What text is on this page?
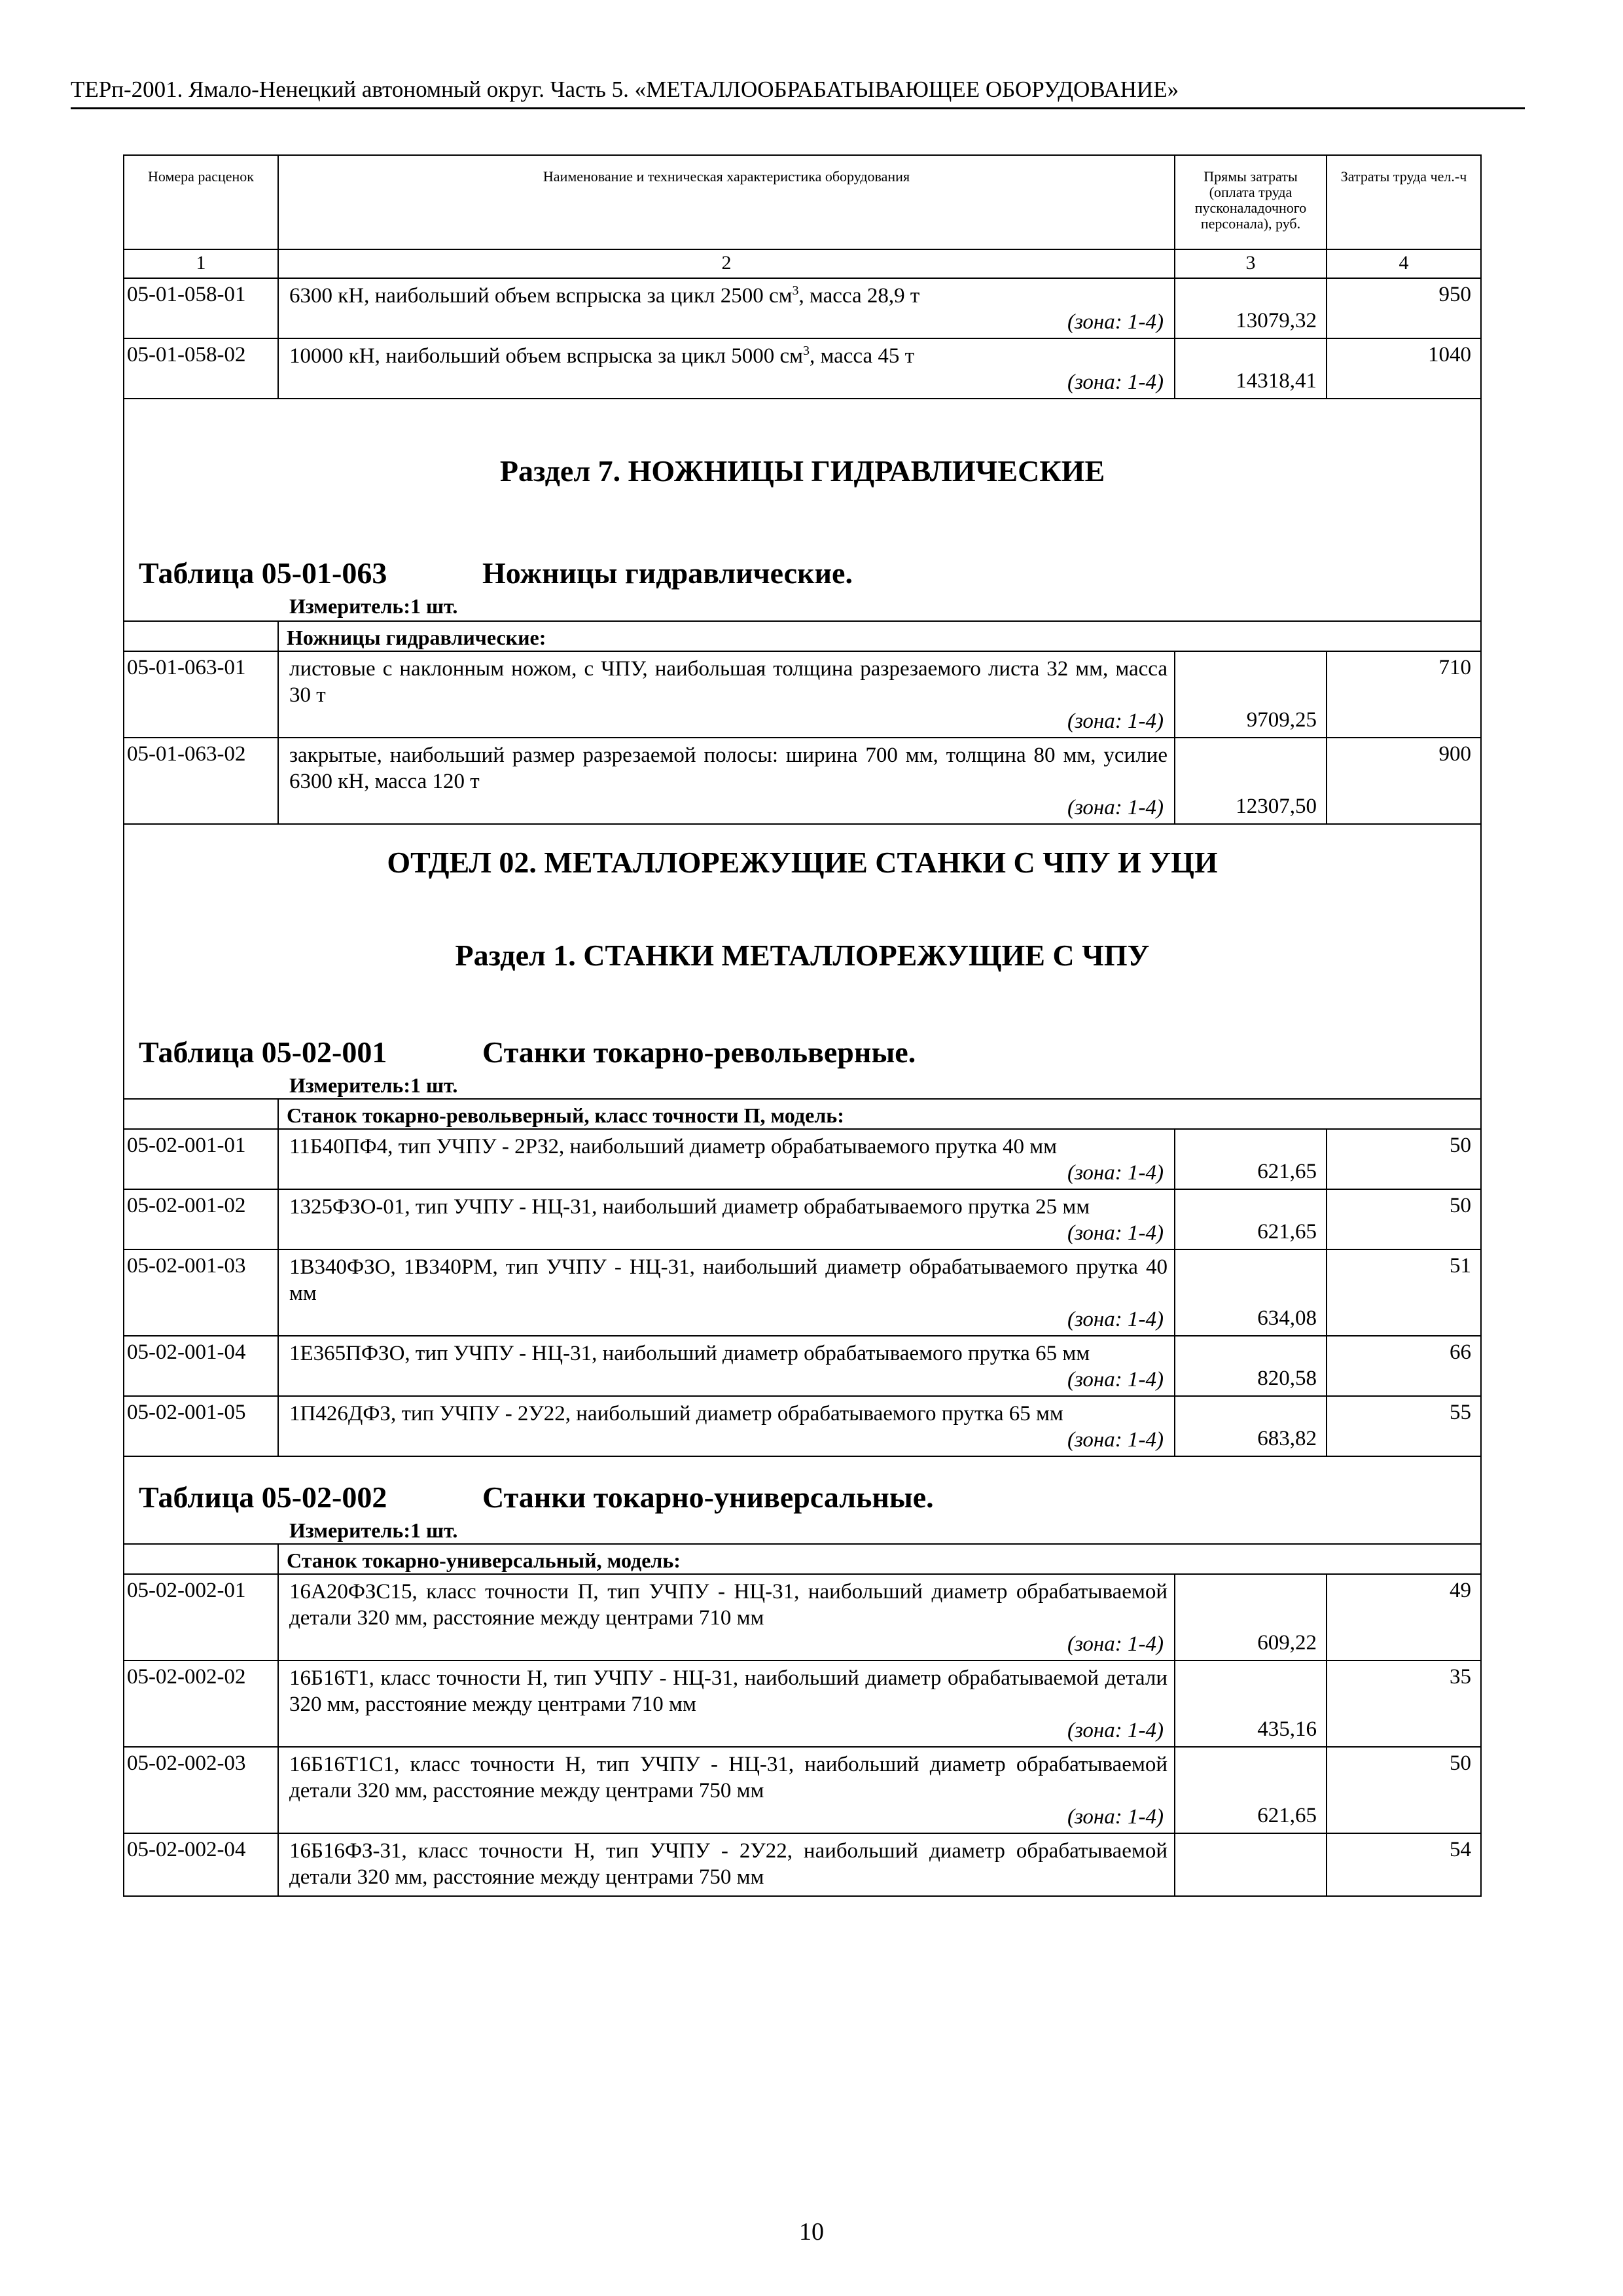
ТЕРп-2001. Ямало-Ненецкий автономный округ. Часть 5. «МЕТАЛЛООБРАБАТЫВАЮЩЕЕ ОБОРУДОВАНИЕ»
Номера расценок	Наименование и техническая характеристика оборудования	Прямы затраты (оплата труда пусконаладочного персонала), руб.	Затраты труда чел.-ч
1	2	3	4
05-01-058-01	6300 кН, наибольший объем вспрыска за цикл 2500 $см^3$, масса 28,9 т
(зона: 1-4)	13079,32	950
05-01-058-02	10000 кН, наибольший объем вспрыска за цикл 5000 $см^3$, масса 45 т
(зона: 1-4)	14318,41	1040

Раздел 7. НОЖНИЦЫ ГИДРАВЛИЧЕСКИЕ
Таблица 05-01-063 Ножницы гидравлические.
Измеритель:1 шт.			

	Ножницы гидравлические:		
05-01-063-01	листовые с наклонным ножом, с ЧПУ, наибольшая толщина разрезаемого листа 32 мм, масса 30 т
(зона: 1-4)	9709,25	710
05-01-063-02	закрытые, наибольший размер разрезаемой полосы: ширина 700 мм, толщина 80 мм, усилие 6300 кН, масса 120 т
(зона: 1-4)	12307,50	900

ОТДЕЛ 02. МЕТАЛЛОРЕЖУЩИЕ СТАНКИ С ЧПУ И УЦИ
Раздел 1. СТАНКИ МЕТАЛЛОРЕЖУЩИЕ С ЧПУ
Таблица 05-02-001 Станки токарно-револьверные.
Измеритель:1 шт.			

	Станок токарно-револьверный, класс точности П, модель:		
05-02-001-01	11Б40ПФ4, тип УЧПУ - 2Р32, наибольший диаметр обрабатываемого прутка 40 мм
(зона: 1-4)	621,65	50
05-02-001-02	1325ФЗО-01, тип УЧПУ - НЦ-31, наибольший диаметр обрабатываемого прутка 25 мм
(зона: 1-4)	621,65	50
05-02-001-03	1В340ФЗО, 1В340РМ, тип УЧПУ - НЦ-31, наибольший диаметр обрабатываемого прутка 40 мм
(зона: 1-4)	634,08	51
05-02-001-04	1Е365ПФЗО, тип УЧПУ - НЦ-31, наибольший диаметр обрабатываемого прутка 65 мм
(зона: 1-4)	820,58	66
05-02-001-05	1П426ДФЗ, тип УЧПУ - 2У22, наибольший диаметр обрабатываемого прутка 65 мм
(зона: 1-4)	683,82	55

Таблица 05-02-002 Станки токарно-универсальные.
Измеритель:1 шт.			

	Станок токарно-универсальный, модель:		
05-02-002-01	16А20ФЗС15, класс точности П, тип УЧПУ - НЦ-31, наибольший диаметр обрабатываемой детали 320 мм, расстояние между центрами 710 мм
(зона: 1-4)	609,22	49
05-02-002-02	16Б16Т1, класс точности Н, тип УЧПУ - НЦ-31, наибольший диаметр обрабатываемой детали 320 мм, расстояние между центрами 710 мм
(зона: 1-4)	435,16	35
05-02-002-03	16Б16Т1С1, класс точности Н, тип УЧПУ - НЦ-31, наибольший диаметр обрабатываемой детали 320 мм, расстояние между центрами 750 мм
(зона: 1-4)	621,65	50
05-02-002-04	16Б16ФЗ-31, класс точности Н, тип УЧПУ - 2У22, наибольший диаметр обрабатываемой детали 320 мм, расстояние между центрами 750 мм		54
10
